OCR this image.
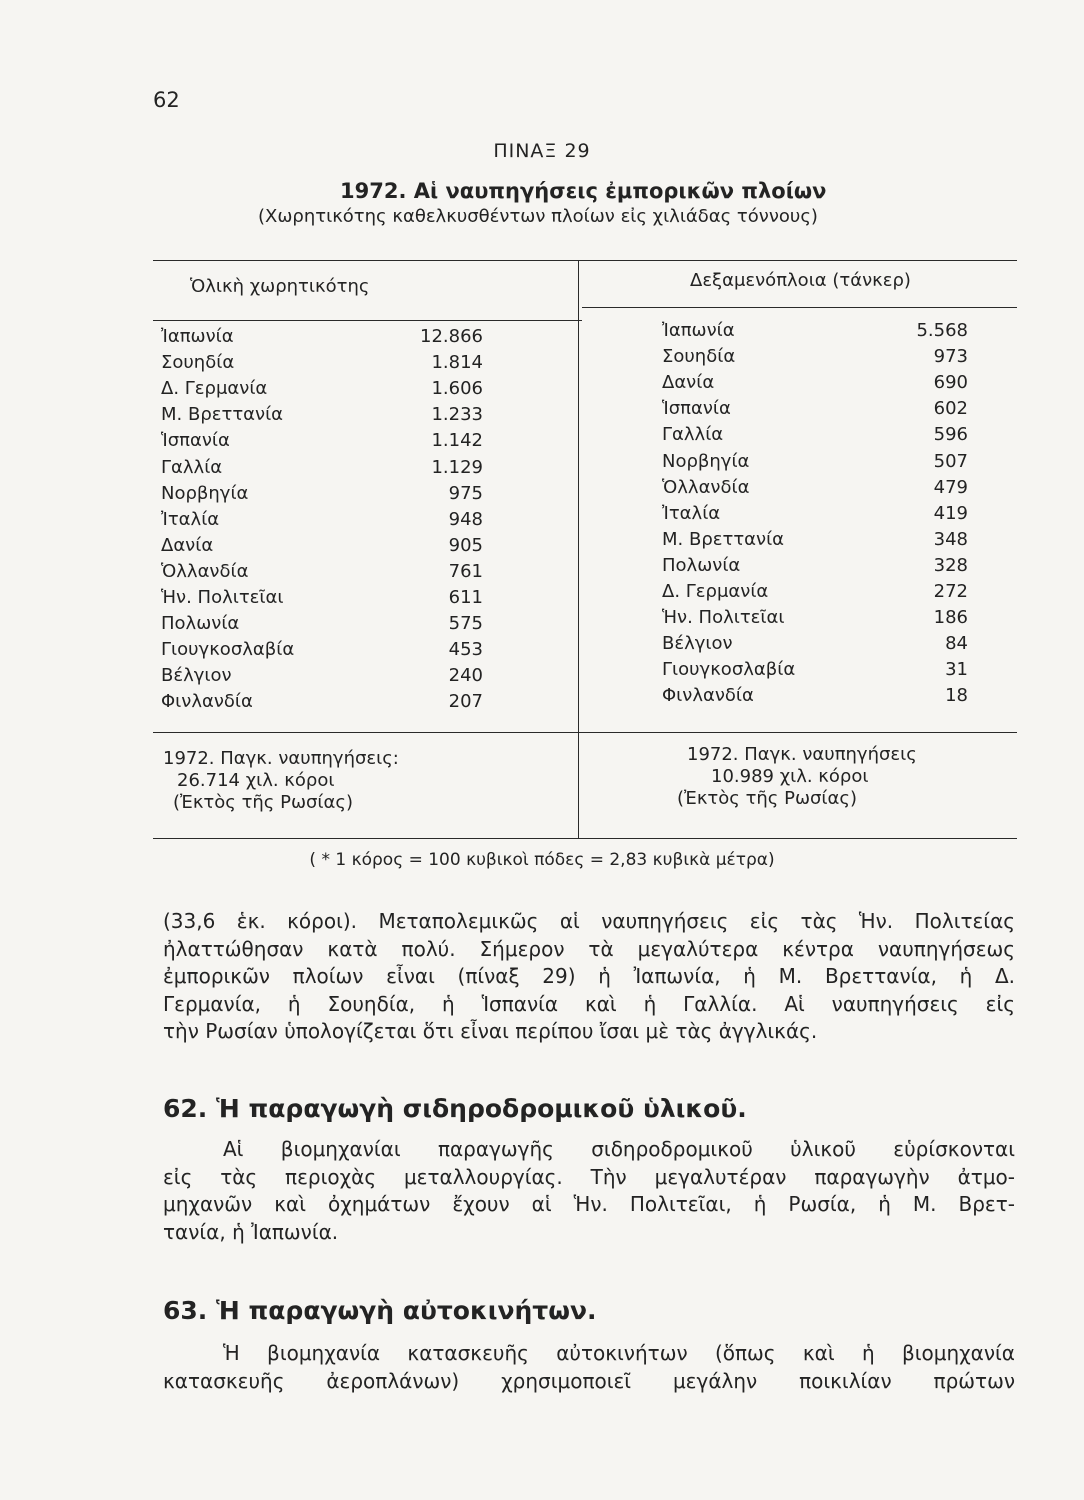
62
ΠΙΝΑΞ 29
1972. Αἱ ναυπηγήσεις ἐμπορικῶν πλοίων
(Χωρητικότης καθελκυσθέντων πλοίων εἰς χιλιάδας τόννους)
Ὁλικὴ χωρητικότης	Δεξαμενόπλοια (τάνκερ)
Ἰαπωνία	12.866
Σουηδία	1.814
Δ. Γερμανία	1.606
Μ. Βρεττανία	1.233
Ἱσπανία	1.142
Γαλλία	1.129
Νορβηγία	975
Ἰταλία	948
Δανία	905
Ὁλλανδία	761
Ἡν. Πολιτεῖαι	611
Πολωνία	575
Γιουγκοσλαβία	453
Βέλγιον	240
Φινλανδία	207
Ἰαπωνία	5.568
Σουηδία	973
Δανία	690
Ἱσπανία	602
Γαλλία	596
Νορβηγία	507
Ὁλλανδία	479
Ἰταλία	419
Μ. Βρεττανία	348
Πολωνία	328
Δ. Γερμανία	272
Ἡν. Πολιτεῖαι	186
Βέλγιον	84
Γιουγκοσλαβία	31
Φινλανδία	18
1972. Παγκ. ναυπηγήσεις:
26.714 χιλ. κόροι
(Ἐκτὸς τῆς Ρωσίας)
1972. Παγκ. ναυπηγήσεις
10.989 χιλ. κόροι
(Ἐκτὸς τῆς Ρωσίας)
( * 1 κόρος = 100 κυβικοὶ πόδες = 2,83 κυβικὰ μέτρα)
(33,6 ἑκ. κόροι). Μεταπολεμικῶς αἱ ναυπηγήσεις εἰς τὰς Ἡν. Πολιτείας
ἠλαττώθησαν κατὰ πολύ. Σήμερον τὰ μεγαλύτερα κέντρα ναυπηγήσεως
ἐμπορικῶν πλοίων εἶναι (πίναξ 29) ἡ Ἰαπωνία, ἡ Μ. Βρεττανία, ἡ Δ.
Γερμανία, ἡ Σουηδία, ἡ Ἱσπανία καὶ ἡ Γαλλία. Αἱ ναυπηγήσεις εἰς
τὴν Ρωσίαν ὑπολογίζεται ὅτι εἶναι περίπου ἴσαι μὲ τὰς ἀγγλικάς.
62. Ἡ παραγωγὴ σιδηροδρομικοῦ ὑλικοῦ.
Αἱ βιομηχανίαι παραγωγῆς σιδηροδρομικοῦ ὑλικοῦ εὑρίσκονται
εἰς τὰς περιοχὰς μεταλλουργίας. Τὴν μεγαλυτέραν παραγωγὴν ἀτμο-
μηχανῶν καὶ ὀχημάτων ἔχουν αἱ Ἡν. Πολιτεῖαι, ἡ Ρωσία, ἡ Μ. Βρετ-
τανία, ἡ Ἰαπωνία.
63. Ἡ παραγωγὴ αὐτοκινήτων.
Ἡ βιομηχανία κατασκευῆς αὐτοκινήτων (ὅπως καὶ ἡ βιομηχανία
κατασκευῆς ἀεροπλάνων) χρησιμοποιεῖ μεγάλην ποικιλίαν πρώτων
